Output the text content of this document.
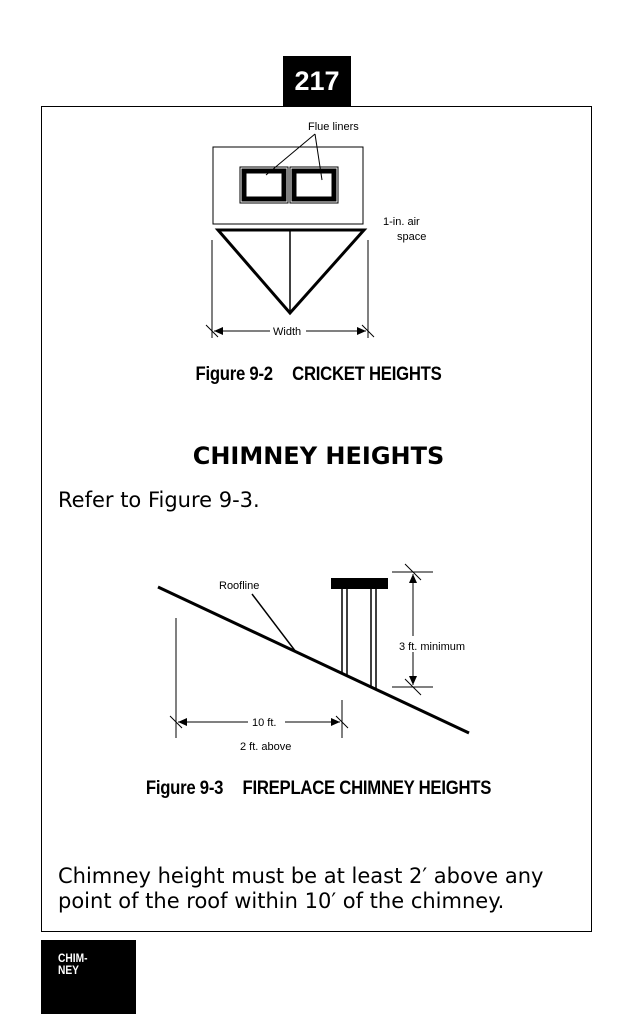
217
Flue liners
1-in. air
space
Width
Figure 9-2 CRICKET HEIGHTS
CHIMNEY HEIGHTS
Refer to Figure 9-3.
Roofline
3 ft. minimum
10 ft.
2 ft. above
Figure 9-3 FIREPLACE CHIMNEY HEIGHTS
Chimney height must be at least 2′ above any point of the roof within 10′ of the chimney.
CHIM-
NEY
